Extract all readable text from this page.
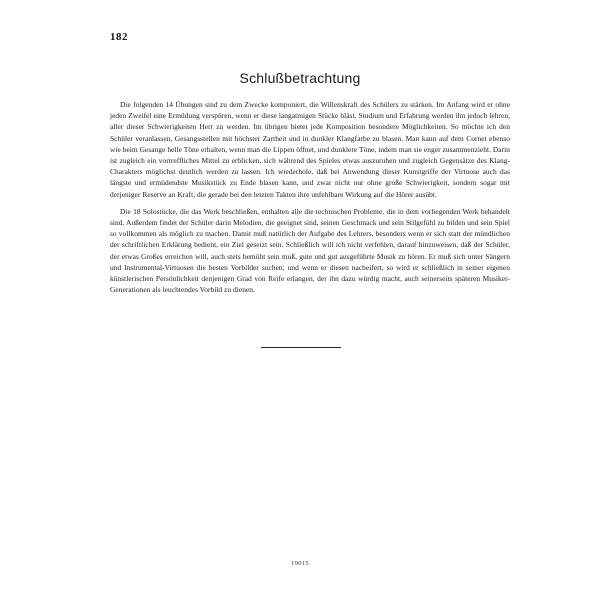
182
Schlußbetrachtung

Die folgenden 14 Übungen sind zu dem Zwecke komponiert, die Willenskraft des Schülers zu stärken. Im Anfang wird er ohne jeden Zweifel eine Ermüdung verspüren, wenn er diese langatmigen Stücke bläst. Studium und Erfahrung werden ihn jedoch lehren, aller dieser Schwierigkeiten Herr zu werden. Im übrigen bietet jede Komposition besondere Möglichkeiten. So möchte ich den Schüler veranlassen, Gesangsstellen mit höchster Zartheit und in dunkler Klangfarbe zu blasen. Man kann auf dem Cornet ebenso wie beim Gesange helle Töne erhalten, wenn man die Lippen öffnet, und dunklere Töne, indem man sie enger zusammenzieht. Darin ist zugleich ein vortreffliches Mittel zu erblicken, sich während des Spieles etwas auszuruhen und zugleich Gegensätze des Klang-Charakters möglichst deutlich werden zu lassen. Ich wiederhole, daß bei Anwendung dieser Kunstgriffe der Virtuose auch das längste und ermüdendste Musikstück zu Ende blasen kann, und zwar nicht nur ohne große Schwierigkeit, sondern sogar mit derjeniger Reserve an Kraft, die gerade bei den letzten Takten ihre unfehlbare Wirkung auf die Hörer ausübt.

Die 18 Solostücke, die das Werk beschließen, enthalten alle die technischen Probleme, die in dem vorliegenden Werk behandelt sind. Außerdem findet der Schüler darin Melodien, die geeignet sind, seinen Geschmack und sein Stilgefühl zu bilden und sein Spiel so vollkommen als möglich zu machen. Damit muß natürlich der Aufgabe des Lehrers, besonders wenn er sich statt der mündlichen der schriftlichen Erklärung bedient, ein Ziel gesetzt sein. Schließlich will ich nicht verfehlen, darauf hinzuweisen, daß der Schüler, der etwas Großes erreichen will, auch stets bemüht sein muß, gute und gut ausgeführte Musik zu hören. Er muß sich unter Sängern und Instrumental-Virtuosen die besten Vorbilder suchen; und wenn er diesen nacheifert, so wird er schließlich in seiner eigenen künstlerischen Persönlichkeit denjenigen Grad von Reife erlangen, der ihn dazu würdig macht, auch seinerseits späteren Musiker-Generationen als leuchtendes Vorbild zu dienen.

19015
